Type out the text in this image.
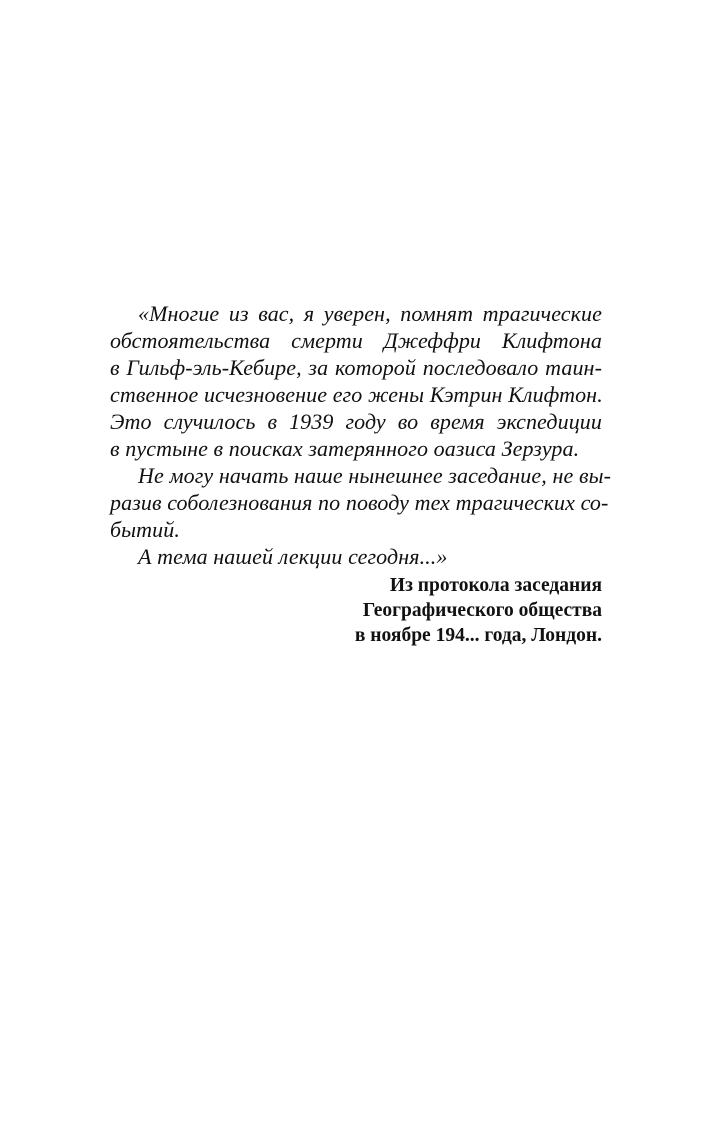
«Многие из вас, я уверен, помнят трагические
обстоятельства смерти Джеффри Клифтона
в Гильф-эль-Кебире, за которой последовало таин-
ственное исчезновение его жены Кэтрин Клифтон.
Это случилось в 1939 году во время экспедиции
в пустыне в поисках затерянного оазиса Зерзура.
Не могу начать наше нынешнее заседание, не вы-
разив соболезнования по поводу тех трагических со-
бытий.
А тема нашей лекции сегодня...»
Из протокола заседания
Географического общества
в ноябре 194... года, Лондон.
